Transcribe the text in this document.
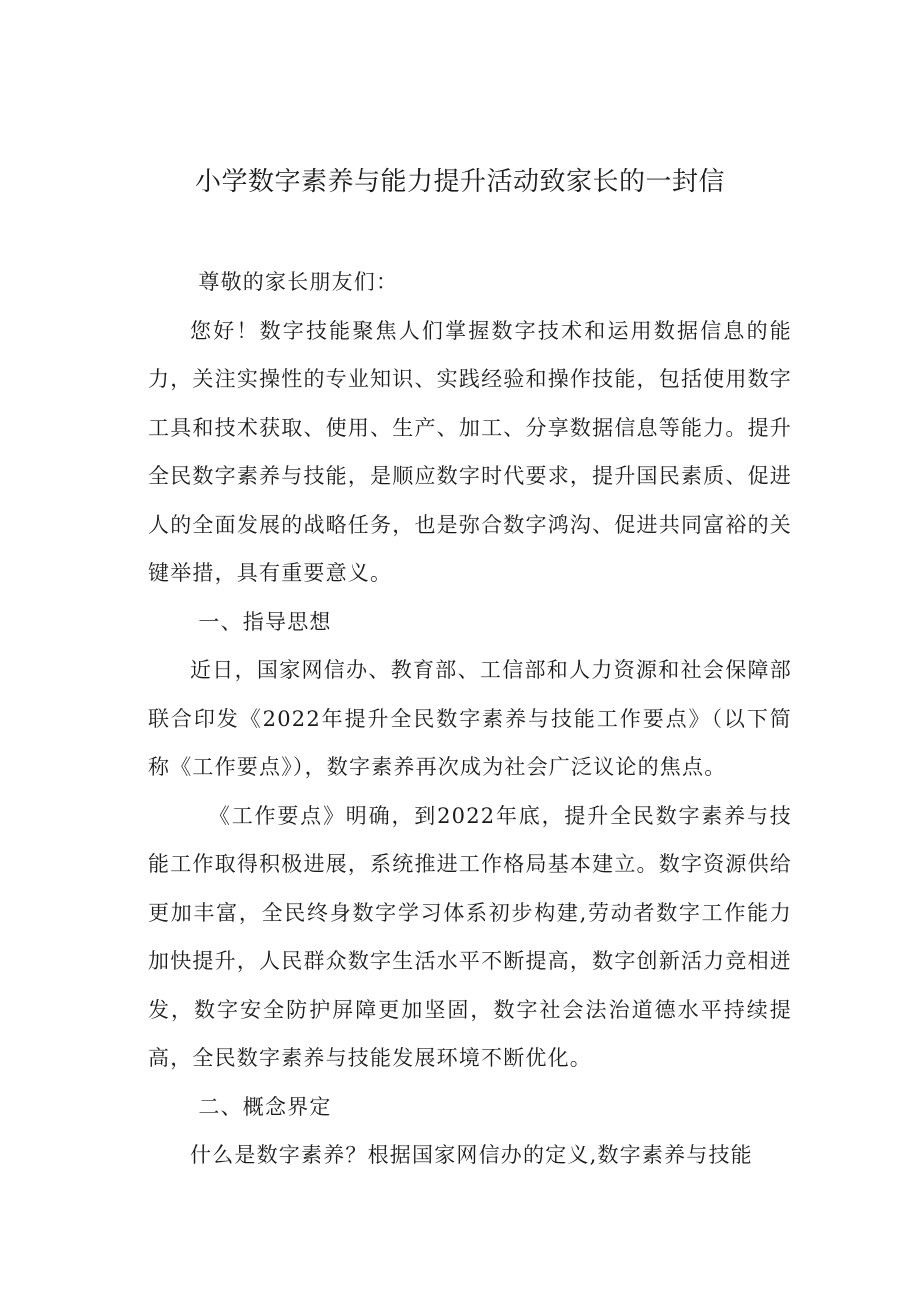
小学数字素养与能力提升活动致家长的一封信

尊敬的家长朋友们：

您好！数字技能聚焦人们掌握数字技术和运用数据信息的能力，关注实操性的专业知识、实践经验和操作技能，包括使用数字工具和技术获取、使用、生产、加工、分享数据信息等能力。提升全民数字素养与技能，是顺应数字时代要求，提升国民素质、促进人的全面发展的战略任务，也是弥合数字鸿沟、促进共同富裕的关键举措，具有重要意义。

一、指导思想

近日，国家网信办、教育部、工信部和人力资源和社会保障部联合印发《2022年提升全民数字素养与技能工作要点》（以下简称《工作要点》），数字素养再次成为社会广泛议论的焦点。

《工作要点》明确，到2022年底，提升全民数字素养与技能工作取得积极进展，系统推进工作格局基本建立。数字资源供给更加丰富，全民终身数字学习体系初步构建,劳动者数字工作能力加快提升，人民群众数字生活水平不断提高，数字创新活力竞相迸发，数字安全防护屏障更加坚固，数字社会法治道德水平持续提高，全民数字素养与技能发展环境不断优化。

二、概念界定

什么是数字素养？根据国家网信办的定义,数字素养与技能
